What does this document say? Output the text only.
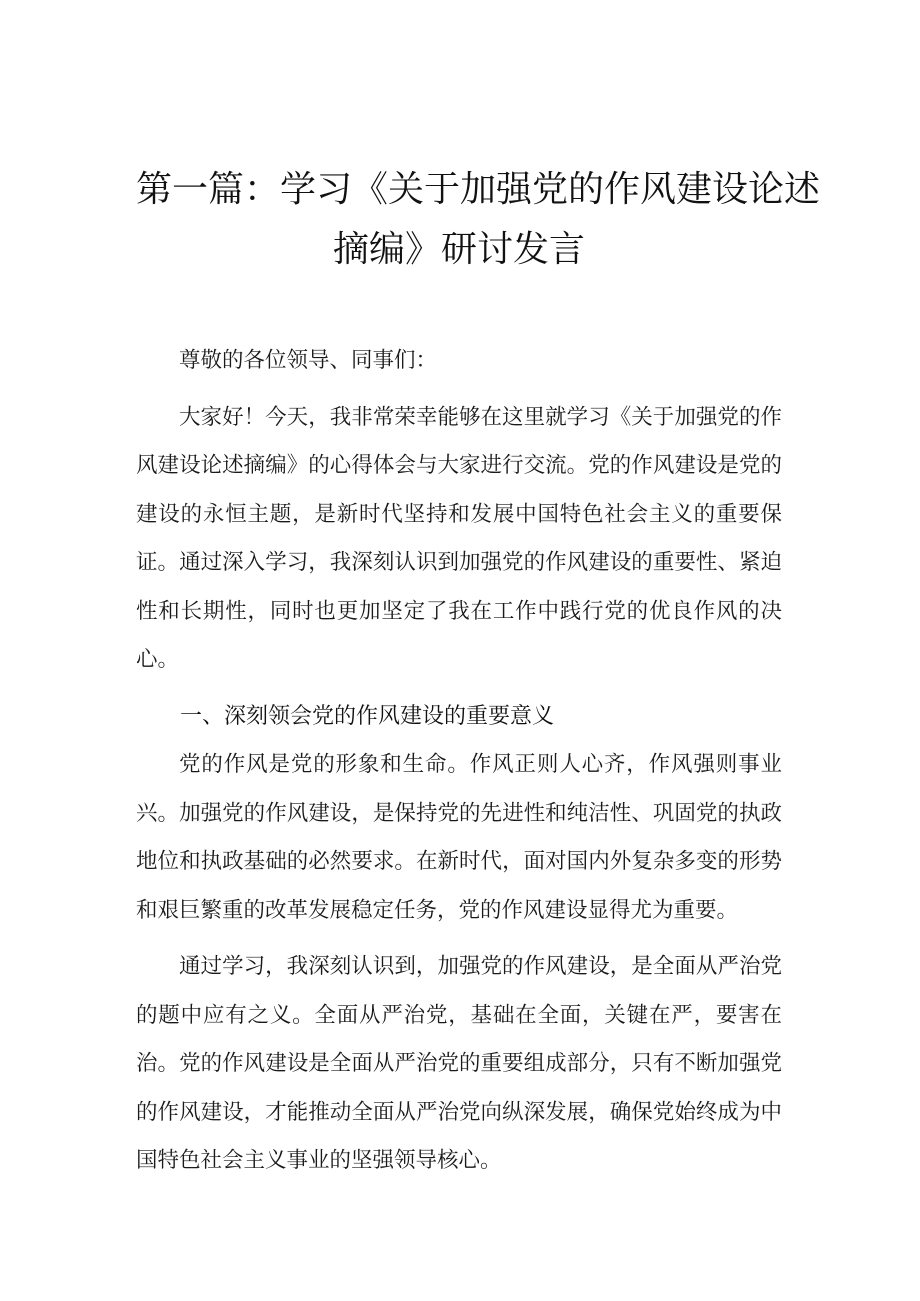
第一篇：学习《关于加强党的作风建设论述
摘编》研讨发言

尊敬的各位领导、同事们：

大家好！今天，我非常荣幸能够在这里就学习《关于加强党的作风建设论述摘编》的心得体会与大家进行交流。党的作风建设是党的建设的永恒主题，是新时代坚持和发展中国特色社会主义的重要保证。通过深入学习，我深刻认识到加强党的作风建设的重要性、紧迫性和长期性，同时也更加坚定了我在工作中践行党的优良作风的决心。

一、深刻领会党的作风建设的重要意义

党的作风是党的形象和生命。作风正则人心齐，作风强则事业兴。加强党的作风建设，是保持党的先进性和纯洁性、巩固党的执政地位和执政基础的必然要求。在新时代，面对国内外复杂多变的形势和艰巨繁重的改革发展稳定任务，党的作风建设显得尤为重要。

通过学习，我深刻认识到，加强党的作风建设，是全面从严治党的题中应有之义。全面从严治党，基础在全面，关键在严，要害在治。党的作风建设是全面从严治党的重要组成部分，只有不断加强党的作风建设，才能推动全面从严治党向纵深发展，确保党始终成为中国特色社会主义事业的坚强领导核心。
